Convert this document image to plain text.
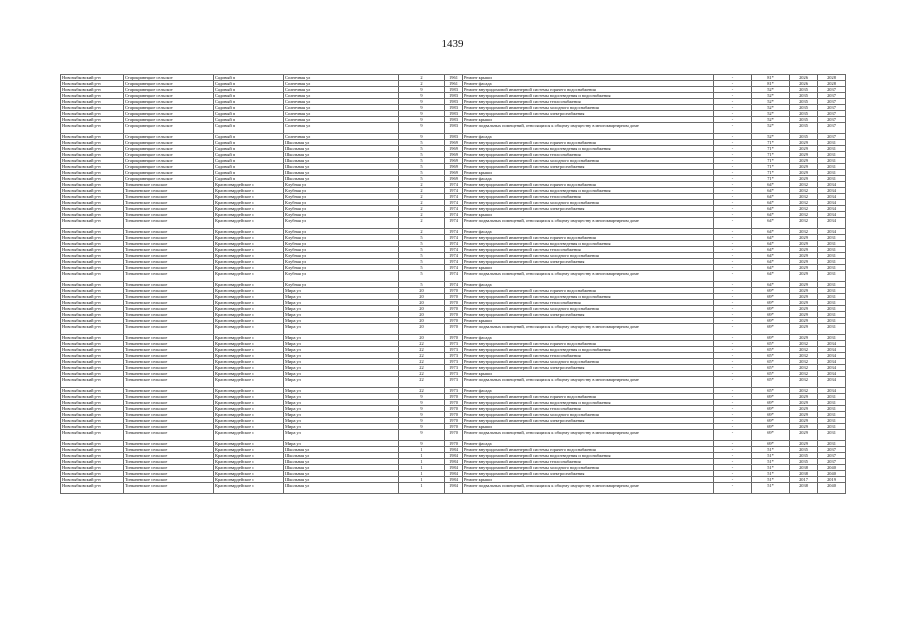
1439
Новозыбковский р-н	Старокривецкое сельское	Садовый п	Солнечная ул	2	1961	Ремонт крыши	-	81*	2026	2028
Новозыбковский р-н	Старокривецкое сельское	Садовый п	Солнечная ул	2	1961	Ремонт фасада	-	81*	2026	2028
Новозыбковский р-н	Старокривецкое сельское	Садовый п	Солнечная ул	9	1983	Ремонт внутридомовой инженерной системы горячего водоснабжения	-	52*	2035	2037
Новозыбковский р-н	Старокривецкое сельское	Садовый п	Солнечная ул	9	1983	Ремонт внутридомовой инженерной системы водоотведения и водоснабжения	-	52*	2035	2037
Новозыбковский р-н	Старокривецкое сельское	Садовый п	Солнечная ул	9	1983	Ремонт внутридомовой инженерной системы теплоснабжения	-	52*	2035	2037
Новозыбковский р-н	Старокривецкое сельское	Садовый п	Солнечная ул	9	1983	Ремонт внутридомовой инженерной системы холодного водоснабжения	-	52*	2035	2037
Новозыбковский р-н	Старокривецкое сельское	Садовый п	Солнечная ул	9	1983	Ремонт внутридомовой инженерной системы электроснабжения	-	52*	2035	2037
Новозыбковский р-н	Старокривецкое сельское	Садовый п	Солнечная ул	9	1983	Ремонт крыши	-	52*	2035	2037
Новозыбковский р-н	Старокривецкое сельское	Садовый п	Солнечная ул	9	1983	Ремонт подвальных помещений, относящихся к общему имуществу в многоквартирном доме	-	52*	2035	2037
Новозыбковский р-н	Старокривецкое сельское	Садовый п	Солнечная ул	9	1983	Ремонт фасада	-	52*	2035	2037
Новозыбковский р-н	Старокривецкое сельское	Садовый п	Школьная ул	5	1969	Ремонт внутридомовой инженерной системы горячего водоснабжения	-	71*	2029	2031
Новозыбковский р-н	Старокривецкое сельское	Садовый п	Школьная ул	5	1969	Ремонт внутридомовой инженерной системы водоотведения и водоснабжения	-	71*	2029	2031
Новозыбковский р-н	Старокривецкое сельское	Садовый п	Школьная ул	5	1969	Ремонт внутридомовой инженерной системы теплоснабжения	-	71*	2029	2031
Новозыбковский р-н	Старокривецкое сельское	Садовый п	Школьная ул	5	1969	Ремонт внутридомовой инженерной системы холодного водоснабжения	-	71*	2029	2031
Новозыбковский р-н	Старокривецкое сельское	Садовый п	Школьная ул	5	1969	Ремонт внутридомовой инженерной системы электроснабжения	-	71*	2029	2031
Новозыбковский р-н	Старокривецкое сельское	Садовый п	Школьная ул	5	1969	Ремонт крыши	-	71*	2029	2031
Новозыбковский р-н	Старокривецкое сельское	Садовый п	Школьная ул	5	1969	Ремонт фасада	-	71*	2029	2031
Новозыбковский р-н	Тонкачевское сельское	Красногвардейское с	Клубная ул	2	1974	Ремонт внутридомовой инженерной системы горячего водоснабжения	-	64*	2032	2034
Новозыбковский р-н	Тонкачевское сельское	Красногвардейское с	Клубная ул	2	1974	Ремонт внутридомовой инженерной системы водоотведения и водоснабжения	-	64*	2032	2034
Новозыбковский р-н	Тонкачевское сельское	Красногвардейское с	Клубная ул	2	1974	Ремонт внутридомовой инженерной системы теплоснабжения	-	64*	2032	2034
Новозыбковский р-н	Тонкачевское сельское	Красногвардейское с	Клубная ул	2	1974	Ремонт внутридомовой инженерной системы холодного водоснабжения	-	64*	2032	2034
Новозыбковский р-н	Тонкачевское сельское	Красногвардейское с	Клубная ул	2	1974	Ремонт внутридомовой инженерной системы электроснабжения	-	64*	2032	2034
Новозыбковский р-н	Тонкачевское сельское	Красногвардейское с	Клубная ул	2	1974	Ремонт крыши	-	64*	2032	2034
Новозыбковский р-н	Тонкачевское сельское	Красногвардейское с	Клубная ул	2	1974	Ремонт подвальных помещений, относящихся к общему имуществу в многоквартирном доме	-	64*	2032	2034
Новозыбковский р-н	Тонкачевское сельское	Красногвардейское с	Клубная ул	2	1974	Ремонт фасада	-	64*	2032	2034
Новозыбковский р-н	Тонкачевское сельское	Красногвардейское с	Клубная ул	5	1974	Ремонт внутридомовой инженерной системы горячего водоснабжения	-	64*	2029	2031
Новозыбковский р-н	Тонкачевское сельское	Красногвардейское с	Клубная ул	5	1974	Ремонт внутридомовой инженерной системы водоотведения и водоснабжения	-	64*	2029	2031
Новозыбковский р-н	Тонкачевское сельское	Красногвардейское с	Клубная ул	5	1974	Ремонт внутридомовой инженерной системы теплоснабжения	-	64*	2029	2031
Новозыбковский р-н	Тонкачевское сельское	Красногвардейское с	Клубная ул	5	1974	Ремонт внутридомовой инженерной системы холодного водоснабжения	-	64*	2029	2031
Новозыбковский р-н	Тонкачевское сельское	Красногвардейское с	Клубная ул	5	1974	Ремонт внутридомовой инженерной системы электроснабжения	-	64*	2029	2031
Новозыбковский р-н	Тонкачевское сельское	Красногвардейское с	Клубная ул	5	1974	Ремонт крыши	-	64*	2029	2031
Новозыбковский р-н	Тонкачевское сельское	Красногвардейское с	Клубная ул	5	1974	Ремонт подвальных помещений, относящихся к общему имуществу в многоквартирном доме	-	64*	2029	2031
Новозыбковский р-н	Тонкачевское сельское	Красногвардейское с	Клубная ул	5	1974	Ремонт фасада	-	64*	2029	2031
Новозыбковский р-н	Тонкачевское сельское	Красногвардейское с	Мира ул	20	1970	Ремонт внутридомовой инженерной системы горячего водоснабжения	-	69*	2029	2031
Новозыбковский р-н	Тонкачевское сельское	Красногвардейское с	Мира ул	20	1970	Ремонт внутридомовой инженерной системы водоотведения и водоснабжения	-	69*	2029	2031
Новозыбковский р-н	Тонкачевское сельское	Красногвардейское с	Мира ул	20	1970	Ремонт внутридомовой инженерной системы теплоснабжения	-	69*	2029	2031
Новозыбковский р-н	Тонкачевское сельское	Красногвардейское с	Мира ул	20	1970	Ремонт внутридомовой инженерной системы холодного водоснабжения	-	69*	2029	2031
Новозыбковский р-н	Тонкачевское сельское	Красногвардейское с	Мира ул	20	1970	Ремонт внутридомовой инженерной системы электроснабжения	-	69*	2029	2031
Новозыбковский р-н	Тонкачевское сельское	Красногвардейское с	Мира ул	20	1970	Ремонт крыши	-	69*	2029	2031
Новозыбковский р-н	Тонкачевское сельское	Красногвардейское с	Мира ул	20	1970	Ремонт подвальных помещений, относящихся к общему имуществу в многоквартирном доме	-	69*	2029	2031
Новозыбковский р-н	Тонкачевское сельское	Красногвардейское с	Мира ул	20	1970	Ремонт фасада	-	69*	2029	2031
Новозыбковский р-н	Тонкачевское сельское	Красногвардейское с	Мира ул	22	1973	Ремонт внутридомовой инженерной системы горячего водоснабжения	-	65*	2032	2034
Новозыбковский р-н	Тонкачевское сельское	Красногвардейское с	Мира ул	22	1973	Ремонт внутридомовой инженерной системы водоотведения и водоснабжения	-	65*	2032	2034
Новозыбковский р-н	Тонкачевское сельское	Красногвардейское с	Мира ул	22	1973	Ремонт внутридомовой инженерной системы теплоснабжения	-	65*	2032	2034
Новозыбковский р-н	Тонкачевское сельское	Красногвардейское с	Мира ул	22	1973	Ремонт внутридомовой инженерной системы холодного водоснабжения	-	65*	2032	2034
Новозыбковский р-н	Тонкачевское сельское	Красногвардейское с	Мира ул	22	1973	Ремонт внутридомовой инженерной системы электроснабжения	-	65*	2032	2034
Новозыбковский р-н	Тонкачевское сельское	Красногвардейское с	Мира ул	22	1973	Ремонт крыши	-	65*	2032	2034
Новозыбковский р-н	Тонкачевское сельское	Красногвардейское с	Мира ул	22	1973	Ремонт подвальных помещений, относящихся к общему имуществу в многоквартирном доме	-	65*	2032	2034
Новозыбковский р-н	Тонкачевское сельское	Красногвардейское с	Мира ул	22	1973	Ремонт фасада	-	65*	2032	2034
Новозыбковский р-н	Тонкачевское сельское	Красногвардейское с	Мира ул	9	1970	Ремонт внутридомовой инженерной системы горячего водоснабжения	-	69*	2029	2031
Новозыбковский р-н	Тонкачевское сельское	Красногвардейское с	Мира ул	9	1970	Ремонт внутридомовой инженерной системы водоотведения и водоснабжения	-	69*	2029	2031
Новозыбковский р-н	Тонкачевское сельское	Красногвардейское с	Мира ул	9	1970	Ремонт внутридомовой инженерной системы теплоснабжения	-	69*	2029	2031
Новозыбковский р-н	Тонкачевское сельское	Красногвардейское с	Мира ул	9	1970	Ремонт внутридомовой инженерной системы холодного водоснабжения	-	69*	2029	2031
Новозыбковский р-н	Тонкачевское сельское	Красногвардейское с	Мира ул	9	1970	Ремонт внутридомовой инженерной системы электроснабжения	-	69*	2029	2031
Новозыбковский р-н	Тонкачевское сельское	Красногвардейское с	Мира ул	9	1970	Ремонт крыши	-	69*	2029	2031
Новозыбковский р-н	Тонкачевское сельское	Красногвардейское с	Мира ул	9	1970	Ремонт подвальных помещений, относящихся к общему имуществу в многоквартирном доме	-	69*	2029	2031
Новозыбковский р-н	Тонкачевское сельское	Красногвардейское с	Мира ул	9	1970	Ремонт фасада	-	69*	2029	2031
Новозыбковский р-н	Тонкачевское сельское	Красногвардейское с	Школьная ул	1	1984	Ремонт внутридомовой инженерной системы горячего водоснабжения	-	51*	2035	2037
Новозыбковский р-н	Тонкачевское сельское	Красногвардейское с	Школьная ул	1	1984	Ремонт внутридомовой инженерной системы водоотведения и водоснабжения	-	51*	2035	2037
Новозыбковский р-н	Тонкачевское сельское	Красногвардейское с	Школьная ул	1	1984	Ремонт внутридомовой инженерной системы теплоснабжения	-	51*	2035	2037
Новозыбковский р-н	Тонкачевское сельское	Красногвардейское с	Школьная ул	1	1984	Ремонт внутридомовой инженерной системы холодного водоснабжения	-	51*	2038	2040
Новозыбковский р-н	Тонкачевское сельское	Красногвардейское с	Школьная ул	1	1984	Ремонт внутридомовой инженерной системы электроснабжения	-	51*	2038	2040
Новозыбковский р-н	Тонкачевское сельское	Красногвардейское с	Школьная ул	1	1984	Ремонт крыши	-	51*	2017	2019
Новозыбковский р-н	Тонкачевское сельское	Красногвардейское с	Школьная ул	1	1984	Ремонт подвальных помещений, относящихся к общему имуществу в многоквартирном доме	-	51*	2038	2040
